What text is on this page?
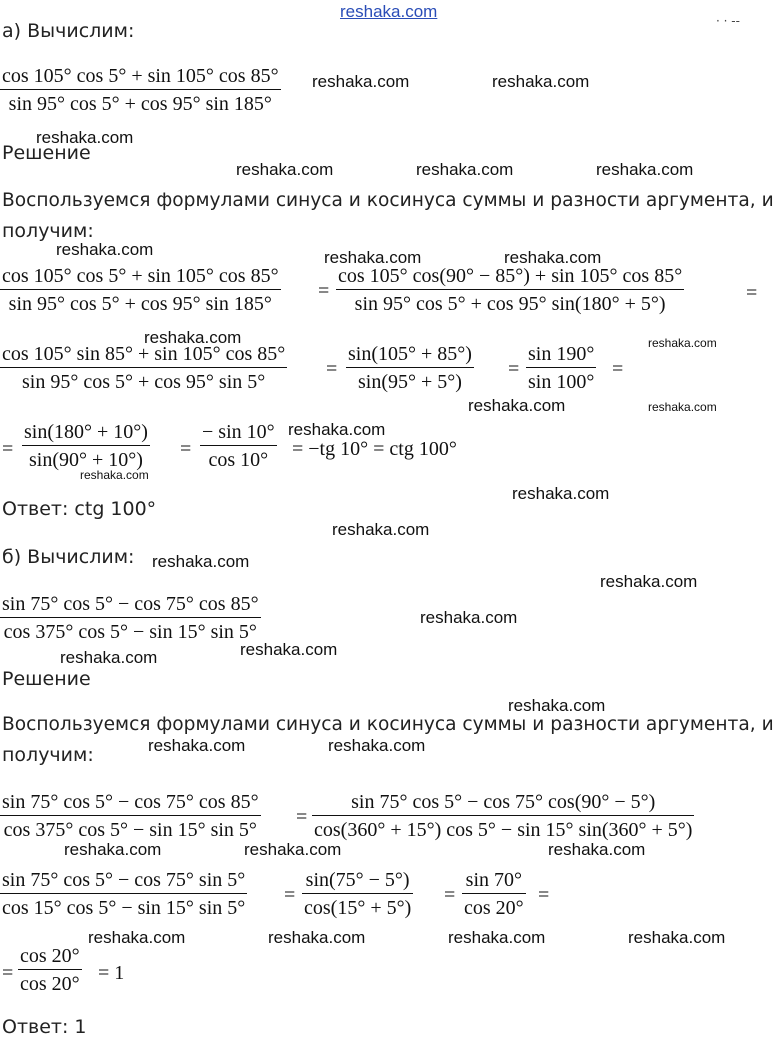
reshaka.com	· · --
а) Вычислим:
cos 105° cos 5° + sin 105° cos 85°
sin 95° cos 5° + cos 95° sin 185°
Решение
Воспользуемся формулами синуса и косинуса суммы и разности аргумента, и
получим:
cos 105° cos 5° + sin 105° cos 85°
sin 95° cos 5° + cos 95° sin 185°
=
cos 105° cos(90° − 85°) + sin 105° cos 85°
sin 95° cos 5° + cos 95° sin(180° + 5°)	=
cos 105° sin 85° + sin 105° cos 85°
sin 95° cos 5° + cos 95° sin 5°
=
sin(105° + 85°)
sin(95° + 5°)
=
sin 190°
sin 100°
=
=
sin(180° + 10°)
sin(90° + 10°) =
− sin 10°
cos 10° = −tg 10° = ctg 100°
Ответ: ctg 100°
б) Вычислим:
sin 75° cos 5° − cos 75° cos 85°
cos 375° cos 5° − sin 15° sin 5°
Решение
Воспользуемся формулами синуса и косинуса суммы и разности аргумента, и
получим:
sin 75° cos 5° − cos 75° cos 85°
cos 375° cos 5° − sin 15° sin 5°
=
sin 75° cos 5° − cos 75° cos(90° − 5°)
cos(360° + 15°) cos 5° − sin 15° sin(360° + 5°)
sin 75° cos 5° − cos 75° sin 5°
cos 15° cos 5° − sin 15° sin 5°
=
sin(75° − 5°)
cos(15° + 5°)
=
sin 70°
cos 20°
=
=
cos 20°
cos 20° = 1
Ответ: 1
reshaka.com	reshaka.com
reshaka.com
reshaka.com	reshaka.com	reshaka.com
reshaka.com	reshaka.com	reshaka.com
reshaka.com	reshaka.com
reshaka.com	reshaka.com
reshaka.com
reshaka.com
reshaka.com
reshaka.com
reshaka.com
reshaka.com
reshaka.com
reshaka.com
reshaka.com
reshaka.com
reshaka.com	reshaka.com
reshaka.com	reshaka.com	reshaka.com
reshaka.com	reshaka.com	reshaka.com	reshaka.com
